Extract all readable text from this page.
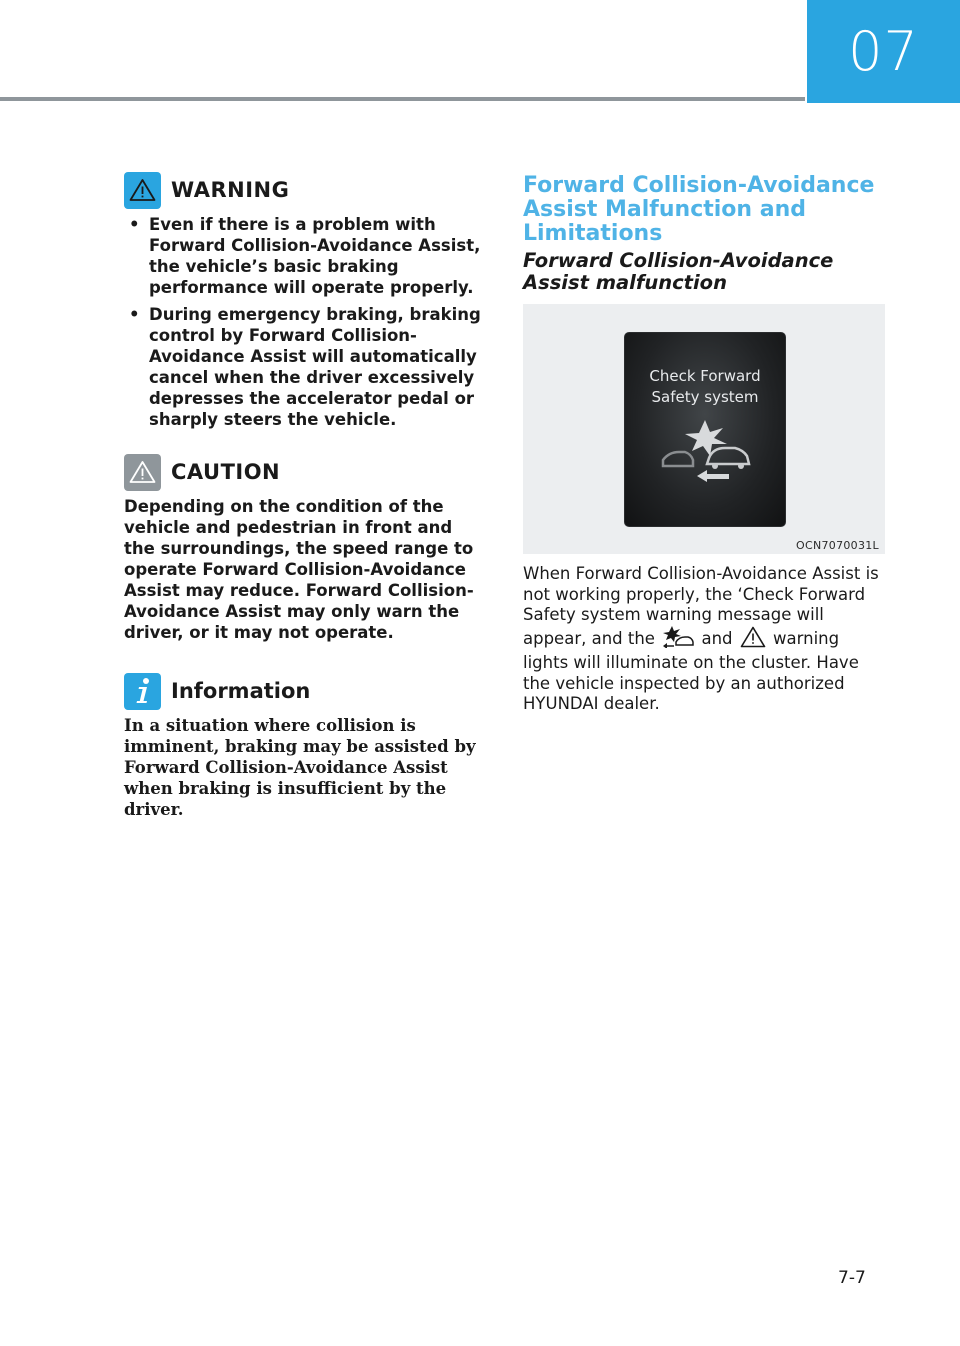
07
WARNING
• Even if there is a problem with Forward Collision-Avoidance Assist, the vehicle’s basic braking performance will operate properly.
• During emergency braking, braking control by Forward Collision-Avoidance Assist will automatically cancel when the driver excessively depresses the accelerator pedal or sharply steers the vehicle.
CAUTION

Depending on the condition of the vehicle and pedestrian in front and the surroundings, the speed range to operate Forward Collision-Avoidance Assist may reduce. Forward Collision-Avoidance Assist may only warn the driver, or it may not operate.

Information

In a situation where collision is imminent, braking may be assisted by Forward Collision-Avoidance Assist when braking is insufficient by the driver.

Forward Collision-Avoidance Assist Malfunction and Limitations
Forward Collision-Avoidance Assist malfunction
Check Forward
Safety system
OCN7070031L

When Forward Collision-Avoidance Assist is not working properly, the ‘Check Forward Safety system warning message will appear, and the  and  warning lights will illuminate on the cluster. Have the vehicle inspected by an authorized HYUNDAI dealer.

7-7
